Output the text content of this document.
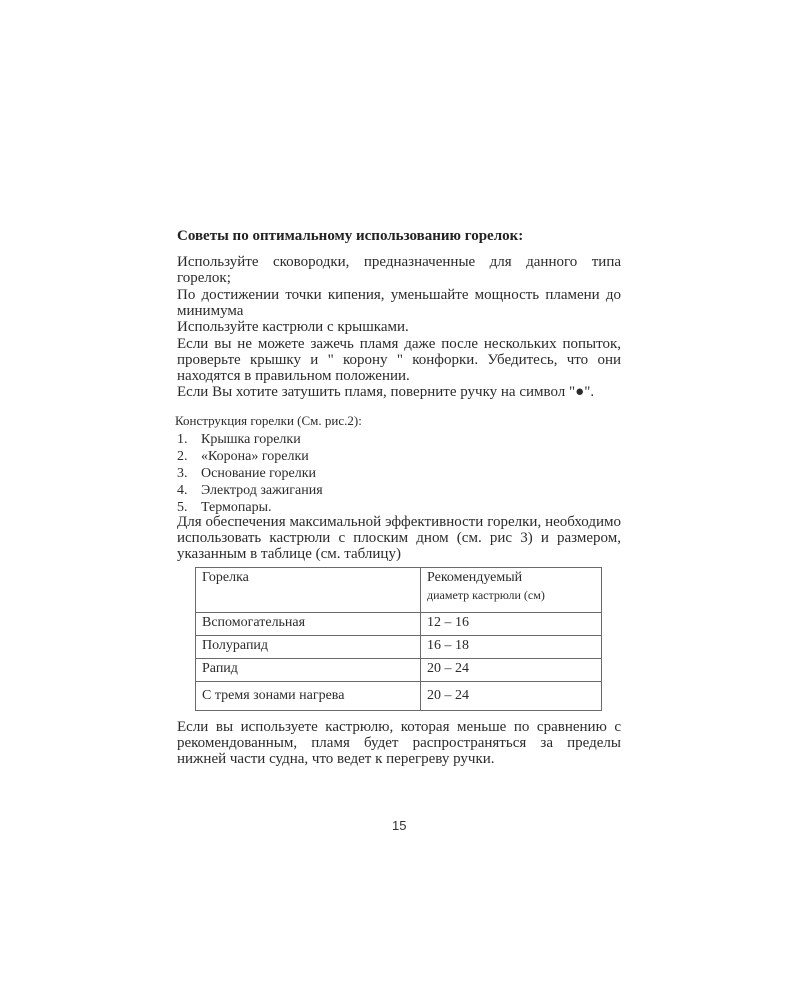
Советы по оптимальному использованию горелок:
Используйте сковородки, предназначенные для данного типа горелок;
По достижении точки кипения, уменьшайте мощность пламени до минимума
Используйте кастрюли с крышками.
Если вы не можете зажечь пламя даже после нескольких попыток, проверьте крышку и " корону " конфорки. Убедитесь, что они находятся в правильном положении.
Если Вы хотите затушить пламя, поверните ручку на символ "●".
Конструкция горелки (См. рис.2):
1. Крышка горелки
2. «Корона» горелки
3. Основание горелки
4. Электрод зажигания
5. Термопары.
Для обеспечения максимальной эффективности горелки, необходимо использовать кастрюли с плоским дном (см. рис 3) и размером, указанным в таблице (см. таблицу)
Горелка	Рекомендуемый
диаметр кастрюли (см)

Вспомогательная	12 – 16
Полурапид	16 – 18
Рапид	20 – 24
С тремя зонами нагрева	20 – 24
Если вы используете кастрюлю, которая меньше по сравнению с рекомендованным, пламя будет распространяться за пределы нижней части судна, что ведет к перегреву ручки.
15
